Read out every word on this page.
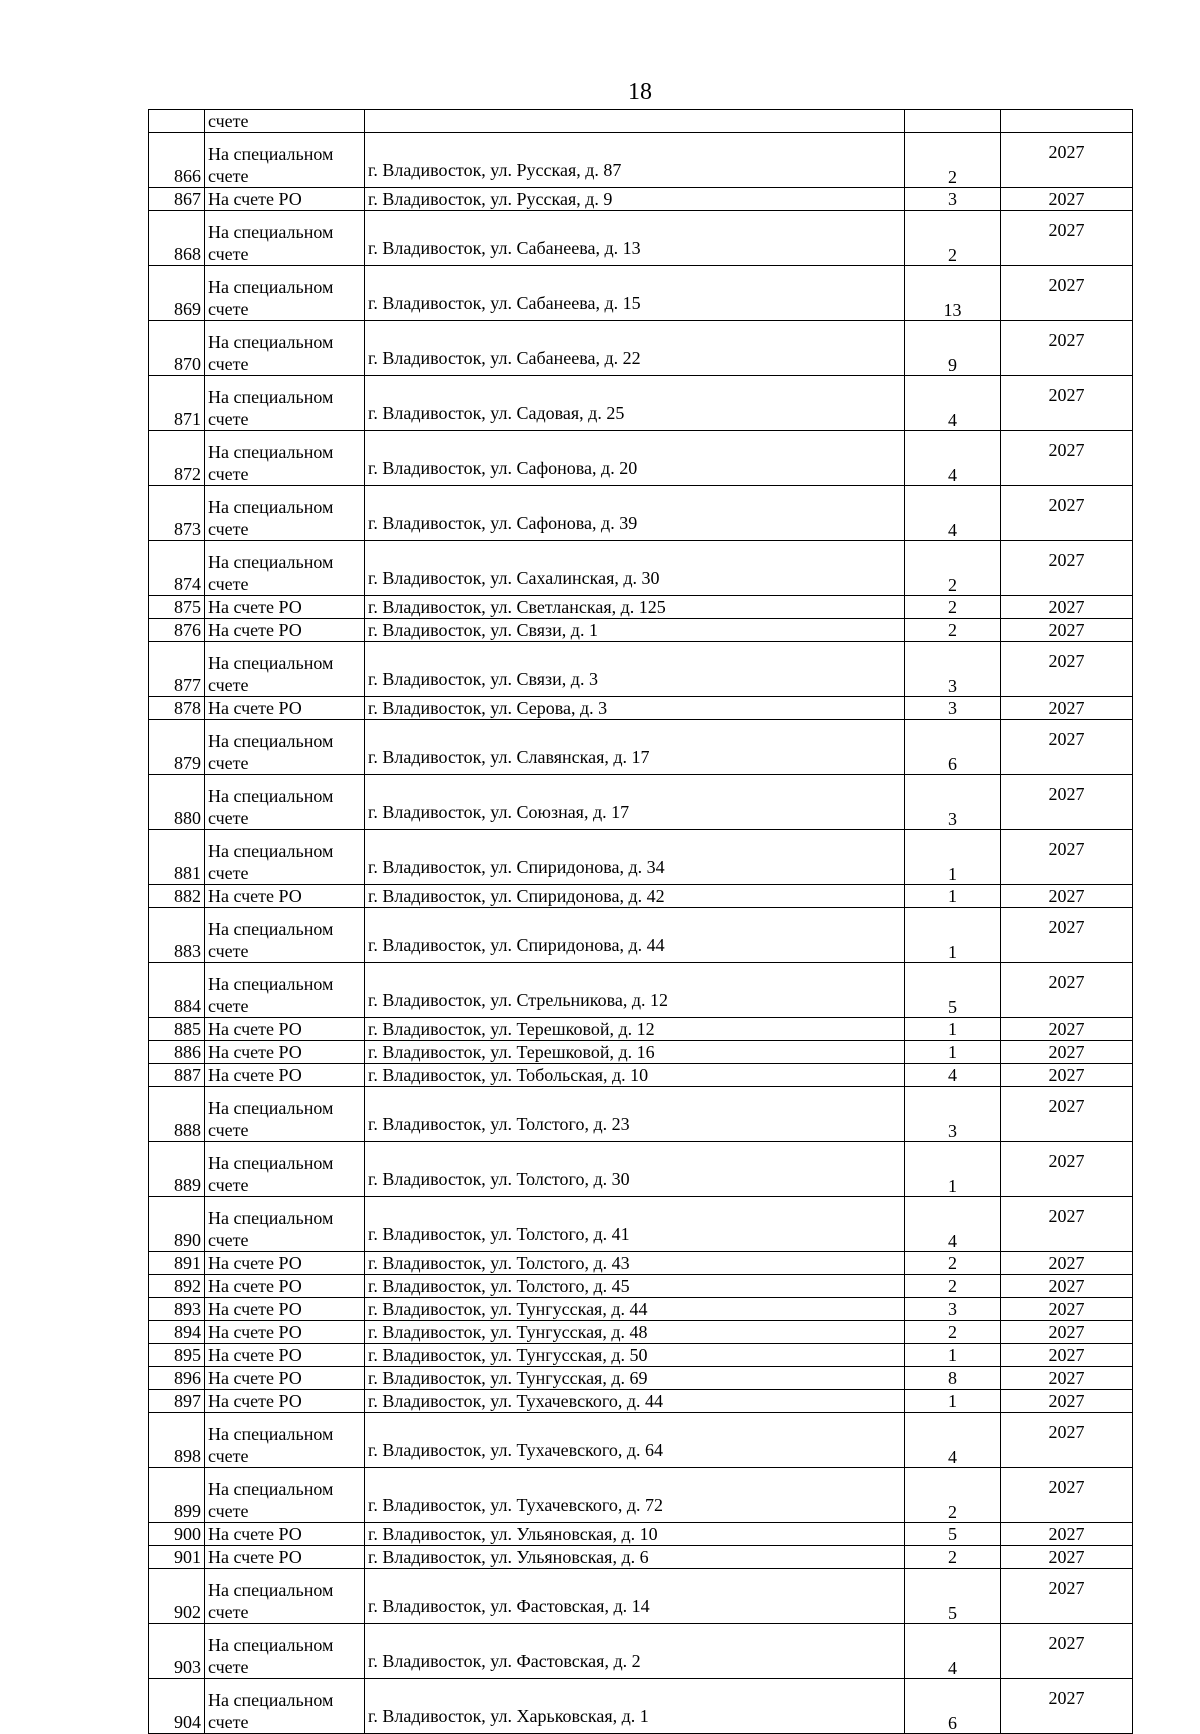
18
	счете			
866	На специальном счете	г. Владивосток, ул. Русская, д. 87	2	2027
867	На счете РО	г. Владивосток, ул. Русская, д. 9	3	2027
868	На специальном счете	г. Владивосток, ул. Сабанеева, д. 13	2	2027
869	На специальном счете	г. Владивосток, ул. Сабанеева, д. 15	13	2027
870	На специальном счете	г. Владивосток, ул. Сабанеева, д. 22	9	2027
871	На специальном счете	г. Владивосток, ул. Садовая, д. 25	4	2027
872	На специальном счете	г. Владивосток, ул. Сафонова, д. 20	4	2027
873	На специальном счете	г. Владивосток, ул. Сафонова, д. 39	4	2027
874	На специальном счете	г. Владивосток, ул. Сахалинская, д. 30	2	2027
875	На счете РО	г. Владивосток, ул. Светланская, д. 125	2	2027
876	На счете РО	г. Владивосток, ул. Связи, д. 1	2	2027
877	На специальном счете	г. Владивосток, ул. Связи, д. 3	3	2027
878	На счете РО	г. Владивосток, ул. Серова, д. 3	3	2027
879	На специальном счете	г. Владивосток, ул. Славянская, д. 17	6	2027
880	На специальном счете	г. Владивосток, ул. Союзная, д. 17	3	2027
881	На специальном счете	г. Владивосток, ул. Спиридонова, д. 34	1	2027
882	На счете РО	г. Владивосток, ул. Спиридонова, д. 42	1	2027
883	На специальном счете	г. Владивосток, ул. Спиридонова, д. 44	1	2027
884	На специальном счете	г. Владивосток, ул. Стрельникова, д. 12	5	2027
885	На счете РО	г. Владивосток, ул. Терешковой, д. 12	1	2027
886	На счете РО	г. Владивосток, ул. Терешковой, д. 16	1	2027
887	На счете РО	г. Владивосток, ул. Тобольская, д. 10	4	2027
888	На специальном счете	г. Владивосток, ул. Толстого, д. 23	3	2027
889	На специальном счете	г. Владивосток, ул. Толстого, д. 30	1	2027
890	На специальном счете	г. Владивосток, ул. Толстого, д. 41	4	2027
891	На счете РО	г. Владивосток, ул. Толстого, д. 43	2	2027
892	На счете РО	г. Владивосток, ул. Толстого, д. 45	2	2027
893	На счете РО	г. Владивосток, ул. Тунгусская, д. 44	3	2027
894	На счете РО	г. Владивосток, ул. Тунгусская, д. 48	2	2027
895	На счете РО	г. Владивосток, ул. Тунгусская, д. 50	1	2027
896	На счете РО	г. Владивосток, ул. Тунгусская, д. 69	8	2027
897	На счете РО	г. Владивосток, ул. Тухачевского, д. 44	1	2027
898	На специальном счете	г. Владивосток, ул. Тухачевского, д. 64	4	2027
899	На специальном счете	г. Владивосток, ул. Тухачевского, д. 72	2	2027
900	На счете РО	г. Владивосток, ул. Ульяновская, д. 10	5	2027
901	На счете РО	г. Владивосток, ул. Ульяновская, д. 6	2	2027
902	На специальном счете	г. Владивосток, ул. Фастовская, д. 14	5	2027
903	На специальном счете	г. Владивосток, ул. Фастовская, д. 2	4	2027
904	На специальном счете	г. Владивосток, ул. Харьковская, д. 1	6	2027
